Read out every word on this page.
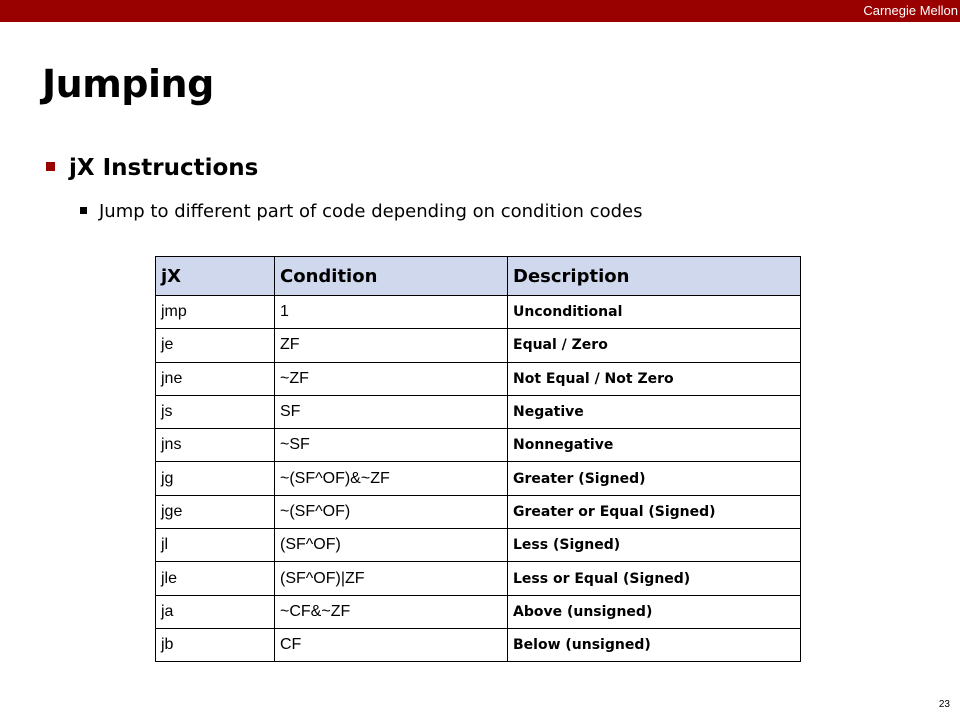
Carnegie Mellon
Jumping
jX Instructions
Jump to different part of code depending on condition codes
jX	Condition	Description
jmp	1	Unconditional
je	ZF	Equal / Zero
jne	~ZF	Not Equal / Not Zero
js	SF	Negative
jns	~SF	Nonnegative
jg	~(SF^OF)&~ZF	Greater (Signed)
jge	~(SF^OF)	Greater or Equal (Signed)
jl	(SF^OF)	Less (Signed)
jle	(SF^OF)|ZF	Less or Equal (Signed)
ja	~CF&~ZF	Above (unsigned)
jb	CF	Below (unsigned)
23
